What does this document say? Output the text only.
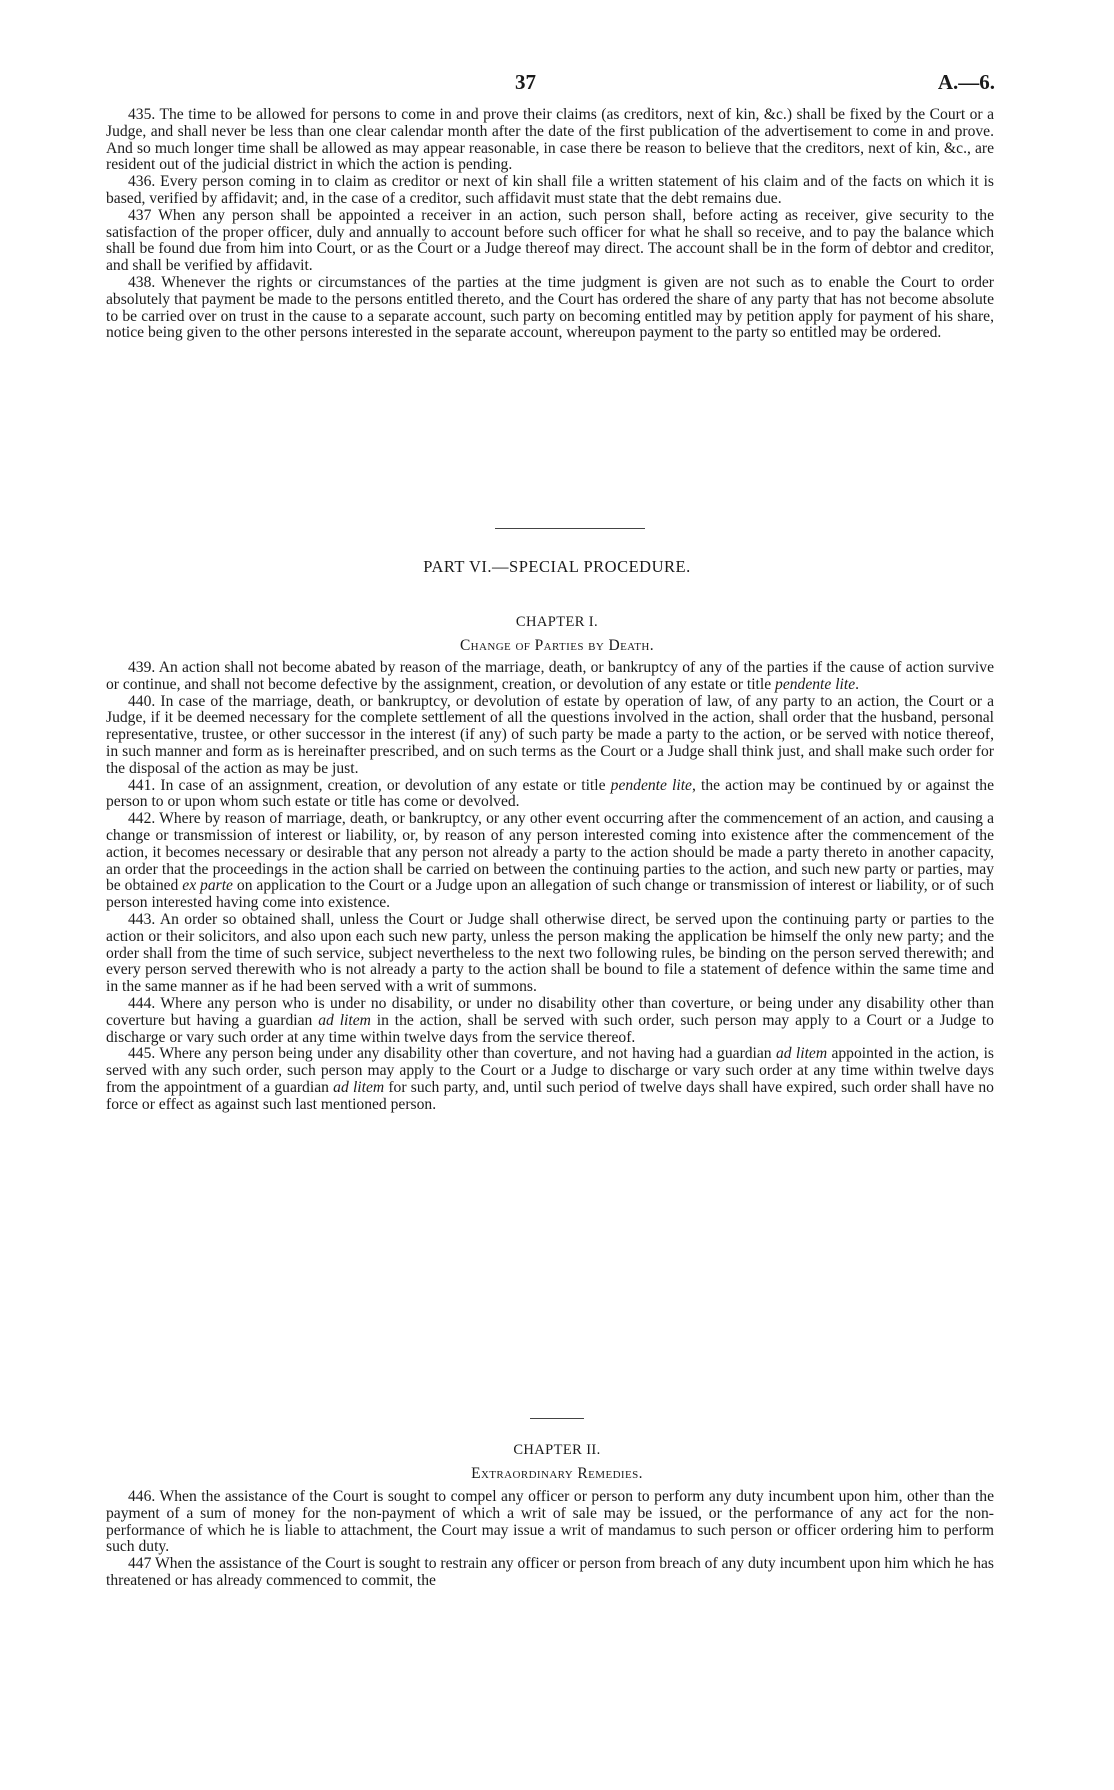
37	A.—6.

435. The time to be allowed for persons to come in and prove their claims (as creditors, next of kin, &c.) shall be fixed by the Court or a Judge, and shall never be less than one clear calendar month after the date of the first publication of the advertisement to come in and prove. And so much longer time shall be allowed as may appear reasonable, in case there be reason to believe that the creditors, next of kin, &c., are resident out of the judicial district in which the action is pending.

436. Every person coming in to claim as creditor or next of kin shall file a written statement of his claim and of the facts on which it is based, verified by affidavit; and, in the case of a creditor, such affidavit must state that the debt remains due.

437 When any person shall be appointed a receiver in an action, such person shall, before acting as receiver, give security to the satisfaction of the proper officer, duly and annually to account before such officer for what he shall so receive, and to pay the balance which shall be found due from him into Court, or as the Court or a Judge thereof may direct. The account shall be in the form of debtor and creditor, and shall be verified by affidavit.

438. Whenever the rights or circumstances of the parties at the time judgment is given are not such as to enable the Court to order absolutely that payment be made to the persons entitled thereto, and the Court has ordered the share of any party that has not become absolute to be carried over on trust in the cause to a separate account, such party on becoming entitled may by petition apply for payment of his share, notice being given to the other persons interested in the separate account, whereupon payment to the party so entitled may be ordered.

PART VI.—SPECIAL PROCEDURE.
CHAPTER I.
Change of Parties by Death.

439. An action shall not become abated by reason of the marriage, death, or bankruptcy of any of the parties if the cause of action survive or continue, and shall not become defective by the assignment, creation, or devolution of any estate or title pendente lite.

440. In case of the marriage, death, or bankruptcy, or devolution of estate by operation of law, of any party to an action, the Court or a Judge, if it be deemed necessary for the complete settlement of all the questions involved in the action, shall order that the husband, personal representative, trustee, or other successor in the interest (if any) of such party be made a party to the action, or be served with notice thereof, in such manner and form as is hereinafter prescribed, and on such terms as the Court or a Judge shall think just, and shall make such order for the disposal of the action as may be just.

441. In case of an assignment, creation, or devolution of any estate or title pendente lite, the action may be continued by or against the person to or upon whom such estate or title has come or devolved.

442. Where by reason of marriage, death, or bankruptcy, or any other event occurring after the commencement of an action, and causing a change or transmission of interest or liability, or, by reason of any person interested coming into existence after the commencement of the action, it becomes necessary or desirable that any person not already a party to the action should be made a party thereto in another capacity, an order that the proceedings in the action shall be carried on between the continuing parties to the action, and such new party or parties, may be obtained ex parte on application to the Court or a Judge upon an allegation of such change or transmission of interest or liability, or of such person interested having come into existence.

443. An order so obtained shall, unless the Court or Judge shall otherwise direct, be served upon the continuing party or parties to the action or their solicitors, and also upon each such new party, unless the person making the application be himself the only new party; and the order shall from the time of such service, subject nevertheless to the next two following rules, be binding on the person served therewith; and every person served therewith who is not already a party to the action shall be bound to file a statement of defence within the same time and in the same manner as if he had been served with a writ of summons.

444. Where any person who is under no disability, or under no disability other than coverture, or being under any disability other than coverture but having a guardian ad litem in the action, shall be served with such order, such person may apply to a Court or a Judge to discharge or vary such order at any time within twelve days from the service thereof.

445. Where any person being under any disability other than coverture, and not having had a guardian ad litem appointed in the action, is served with any such order, such person may apply to the Court or a Judge to discharge or vary such order at any time within twelve days from the appointment of a guardian ad litem for such party, and, until such period of twelve days shall have expired, such order shall have no force or effect as against such last mentioned person.

CHAPTER II.
Extraordinary Remedies.

446. When the assistance of the Court is sought to compel any officer or person to perform any duty incumbent upon him, other than the payment of a sum of money for the non-payment of which a writ of sale may be issued, or the performance of any act for the non-performance of which he is liable to attachment, the Court may issue a writ of mandamus to such person or officer ordering him to perform such duty.

447 When the assistance of the Court is sought to restrain any officer or person from breach of any duty incumbent upon him which he has threatened or has already commenced to commit, the
